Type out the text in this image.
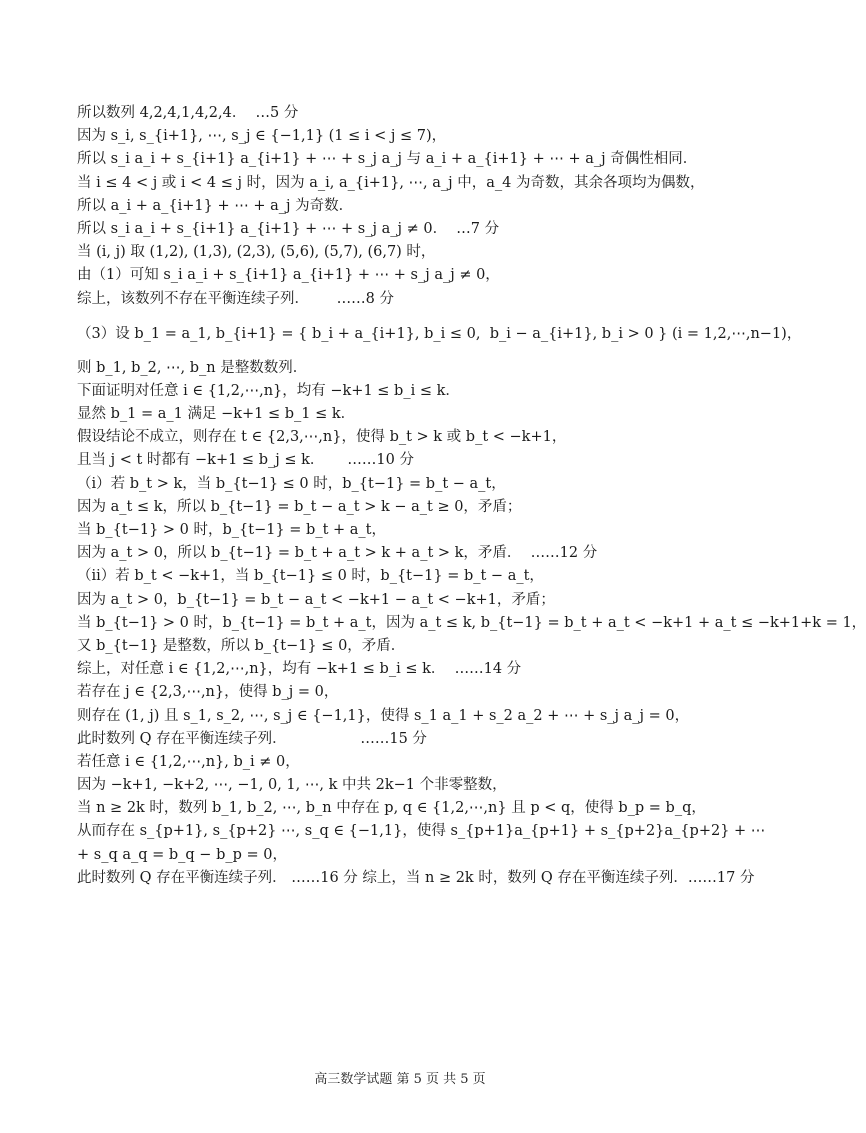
所以数列 4,2,4,1,4,2,4．  …5 分
因为 s_i, s_{i+1}, ⋯, s_j ∈ {−1,1} (1 ≤ i < j ≤ 7)，
所以 s_i a_i + s_{i+1} a_{i+1} + ⋯ + s_j a_j 与 a_i + a_{i+1} + ⋯ + a_j 奇偶性相同．
当 i ≤ 4 < j 或 i < 4 ≤ j 时，因为 a_i, a_{i+1}, ⋯, a_j 中，a_4 为奇数，其余各项均为偶数，
所以 a_i + a_{i+1} + ⋯ + a_j 为奇数．
所以 s_i a_i + s_{i+1} a_{i+1} + ⋯ + s_j a_j ≠ 0．  …7 分
当 (i, j) 取 (1,2), (1,3), (2,3), (5,6), (5,7), (6,7) 时，
由（1）可知 s_i a_i + s_{i+1} a_{i+1} + ⋯ + s_j a_j ≠ 0，
综上，该数列不存在平衡连续子列．      ……8 分
（3）设 b_1 = a_1, b_{i+1} = { b_i + a_{i+1}, b_i ≤ 0,  b_i − a_{i+1}, b_i > 0 } (i = 1,2,⋯,n−1)，
则 b_1, b_2, ⋯, b_n 是整数数列．
下面证明对任意 i ∈ {1,2,⋯,n}，均有 −k+1 ≤ b_i ≤ k．
显然 b_1 = a_1 满足 −k+1 ≤ b_1 ≤ k．
假设结论不成立，则存在 t ∈ {2,3,⋯,n}，使得 b_t > k 或 b_t < −k+1，
且当 j < t 时都有 −k+1 ≤ b_j ≤ k．     ……10 分
（i）若 b_t > k，当 b_{t−1} ≤ 0 时，b_{t−1} = b_t − a_t，
因为 a_t ≤ k，所以 b_{t−1} = b_t − a_t > k − a_t ≥ 0，矛盾；
当 b_{t−1} > 0 时，b_{t−1} = b_t + a_t，
因为 a_t > 0，所以 b_{t−1} = b_t + a_t > k + a_t > k，矛盾．  ……12 分
（ii）若 b_t < −k+1，当 b_{t−1} ≤ 0 时，b_{t−1} = b_t − a_t，
因为 a_t > 0，b_{t−1} = b_t − a_t < −k+1 − a_t < −k+1，矛盾；
当 b_{t−1} > 0 时，b_{t−1} = b_t + a_t，因为 a_t ≤ k, b_{t−1} = b_t + a_t < −k+1 + a_t ≤ −k+1+k = 1，
又 b_{t−1} 是整数，所以 b_{t−1} ≤ 0，矛盾．
综上，对任意 i ∈ {1,2,⋯,n}，均有 −k+1 ≤ b_i ≤ k．  ……14 分
若存在 j ∈ {2,3,⋯,n}，使得 b_j = 0，
则存在 (1, j) 且 s_1, s_2, ⋯, s_j ∈ {−1,1}，使得 s_1 a_1 + s_2 a_2 + ⋯ + s_j a_j = 0，
此时数列 Q 存在平衡连续子列．                ……15 分
若任意 i ∈ {1,2,⋯,n}, b_i ≠ 0，
因为 −k+1, −k+2, ⋯, −1, 0, 1, ⋯, k 中共 2k−1 个非零整数，
当 n ≥ 2k 时，数列 b_1, b_2, ⋯, b_n 中存在 p, q ∈ {1,2,⋯,n} 且 p < q，使得 b_p = b_q，
从而存在 s_{p+1}, s_{p+2} ⋯, s_q ∈ {−1,1}，使得 s_{p+1}a_{p+1} + s_{p+2}a_{p+2} + ⋯ + s_q a_q = b_q − b_p = 0，
此时数列 Q 存在平衡连续子列． ……16 分 综上，当 n ≥ 2k 时，数列 Q 存在平衡连续子列．……17 分
高三数学试题 第 5 页 共 5 页
